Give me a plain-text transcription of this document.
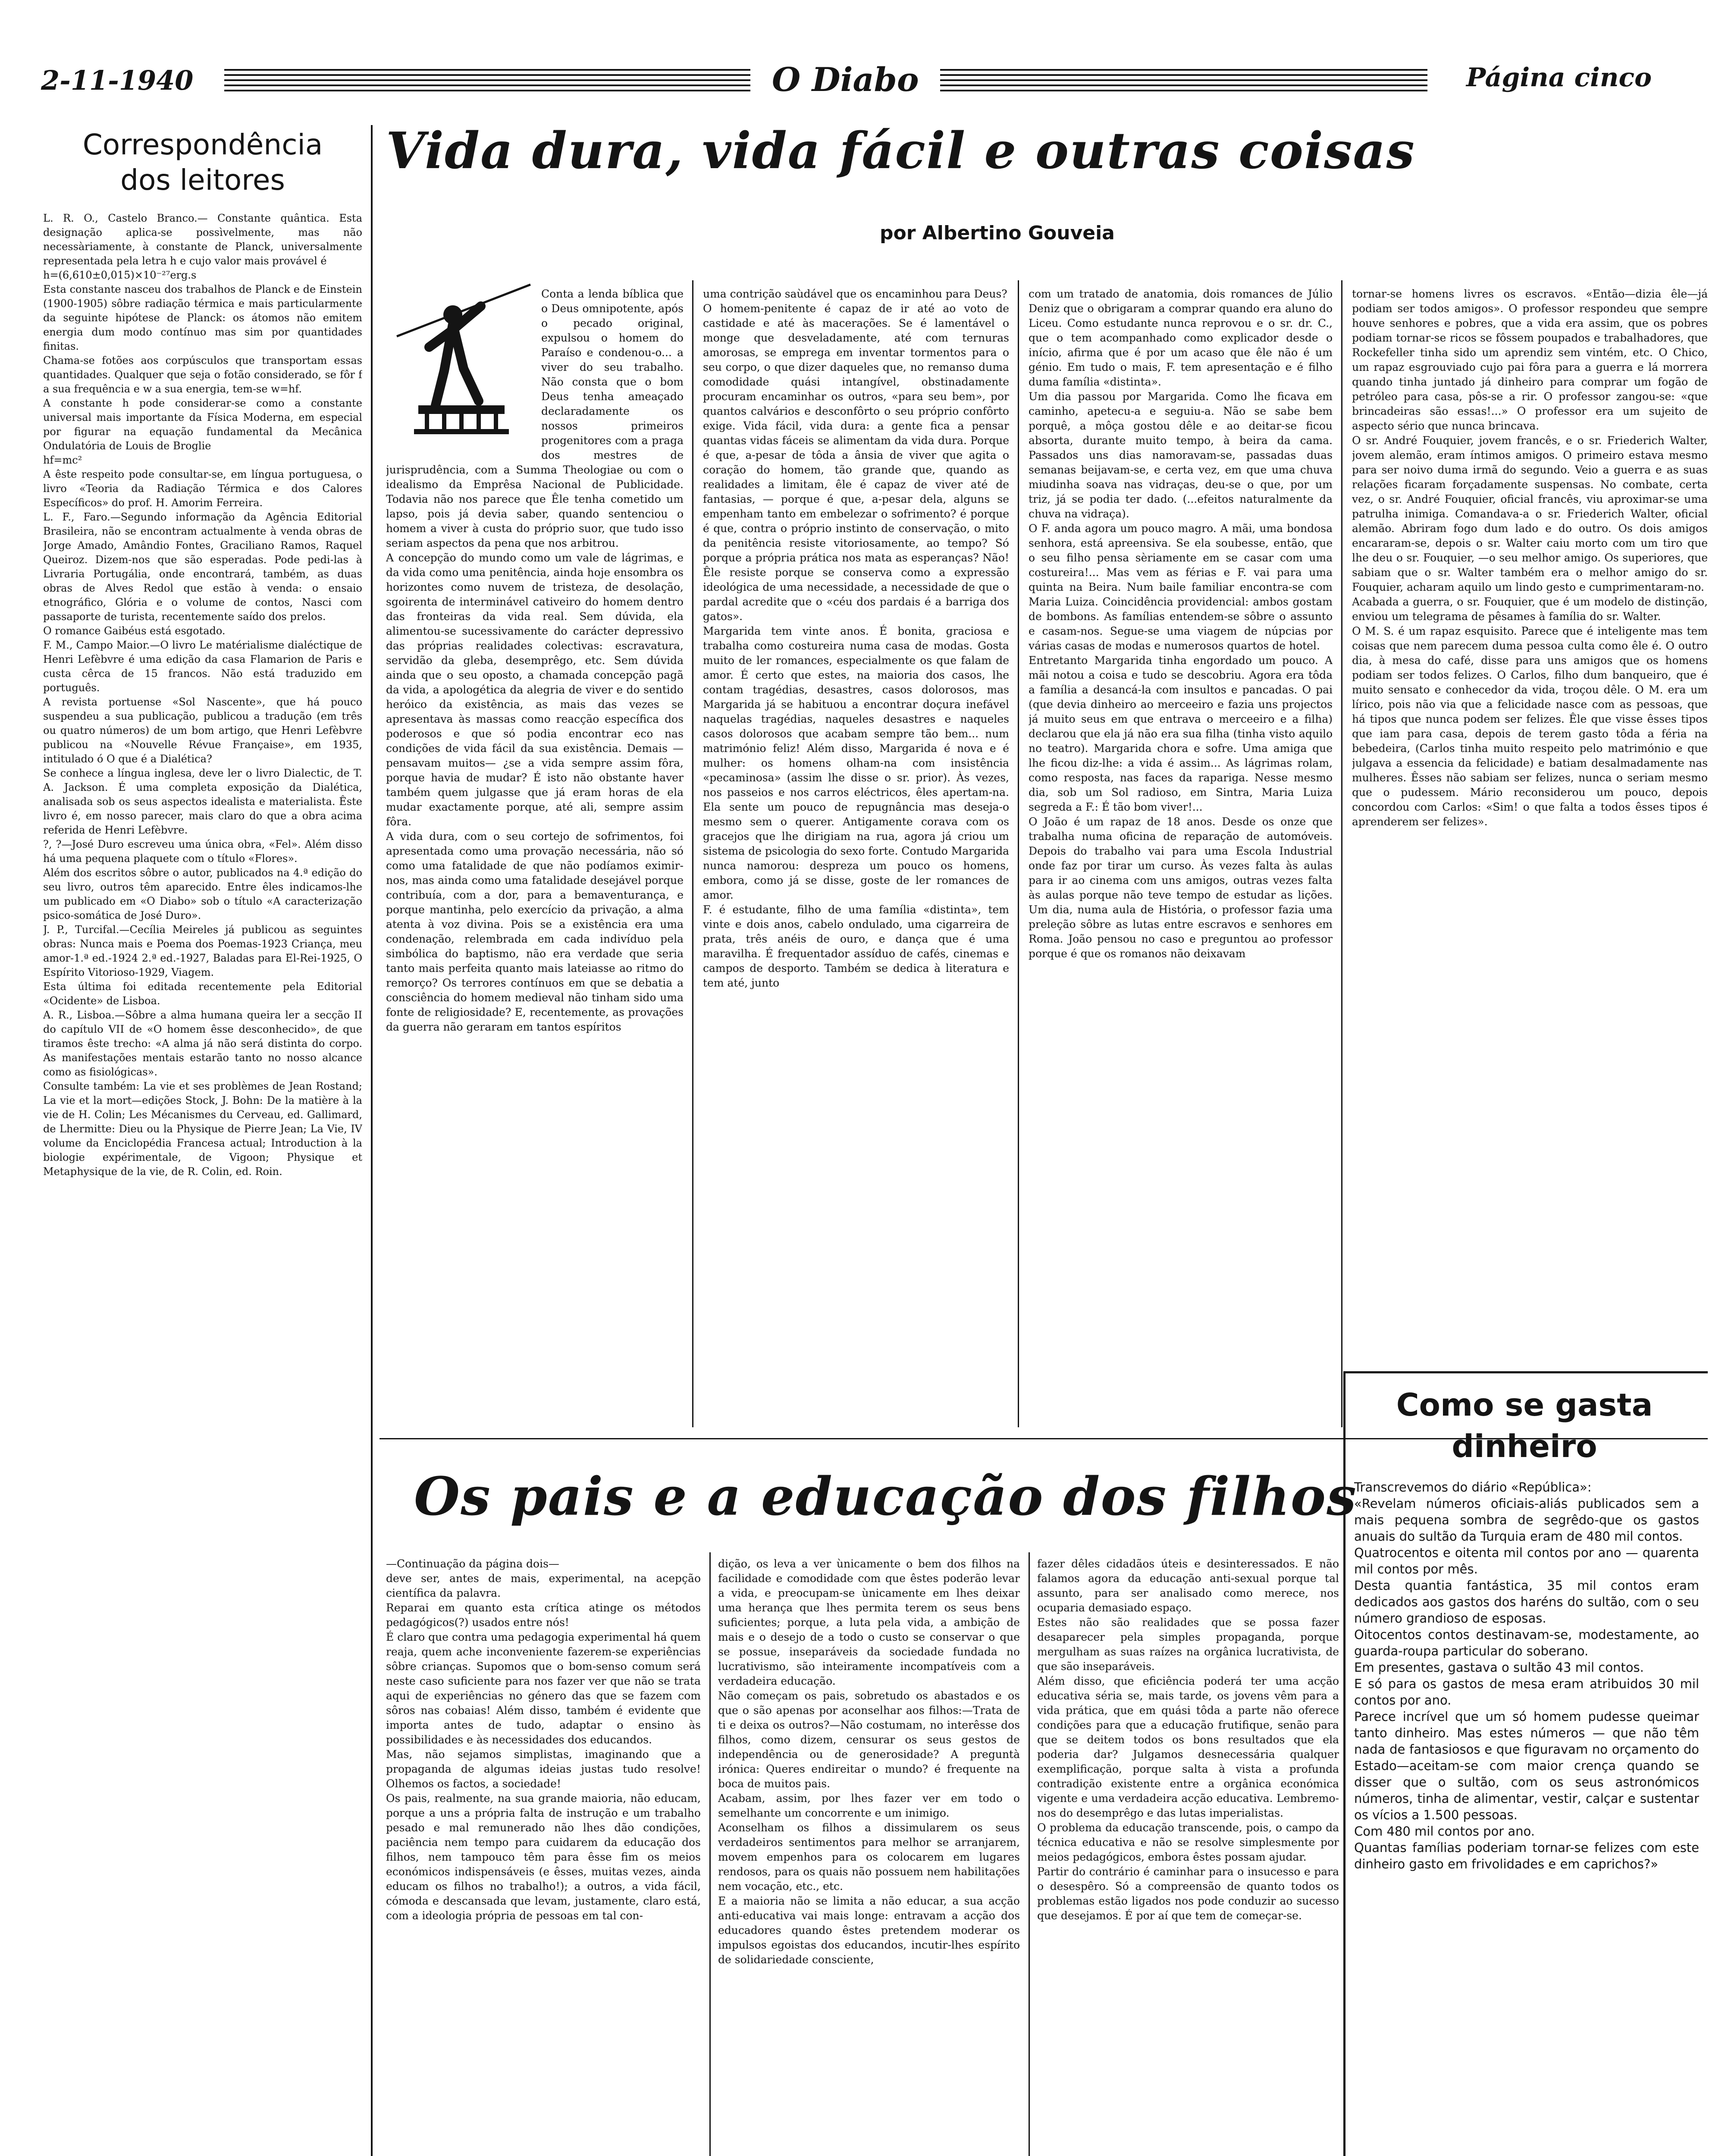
2-11-1940	O Diabo	Página cinco
Correspondência
dos leitores
L. R. O., Castelo Branco.— Constante quântica. Esta designação aplica-se possìvelmente, mas não necessàriamente, à constante de Planck, universalmente representada pela letra h e cujo valor mais provável é
h=(6,610±0,015)×10⁻²⁷erg.s
Esta constante nasceu dos trabalhos de Planck e de Einstein (1900-1905) sôbre radiação térmica e mais particularmente da seguinte hipótese de Planck: os átomos não emitem energia dum modo contínuo mas sim por quantidades finitas.
Chama-se fotões aos corpúsculos que transportam essas quantidades. Qualquer que seja o fotão considerado, se fôr f a sua frequência e w a sua energia, tem-se w=hf.
A constante h pode considerar-se como a constante universal mais importante da Física Moderna, em especial por figurar na equação fundamental da Mecânica Ondulatória de Louis de Broglie
hf=mc²
A êste respeito pode consultar-se, em língua portuguesa, o livro «Teoria da Radiação Térmica e dos Calores Específicos» do prof. H. Amorim Ferreira.
L. F., Faro.—Segundo informação da Agência Editorial Brasileira, não se encontram actualmente à venda obras de Jorge Amado, Amândio Fontes, Graciliano Ramos, Raquel Queiroz. Dizem-nos que são esperadas. Pode pedi-las à Livraria Portugália, onde encontrará, também, as duas obras de Alves Redol que estão à venda: o ensaio etnográfico, Glória e o volume de contos, Nasci com passaporte de turista, recentemente saído dos prelos.
O romance Gaibéus está esgotado.
F. M., Campo Maior.—O livro Le matérialisme dialéctique de Henri Lefèbvre é uma edição da casa Flamarion de Paris e custa cêrca de 15 francos. Não está traduzido em português.
A revista portuense «Sol Nascente», que há pouco suspendeu a sua publicação, publicou a tradução (em três ou quatro números) de um bom artigo, que Henri Lefèbvre publicou na «Nouvelle Révue Française», em 1935, intitulado ó O que é a Dialética?
Se conhece a língua inglesa, deve ler o livro Dialectic, de T. A. Jackson. É uma completa exposição da Dialética, analisada sob os seus aspectos idealista e materialista. Êste livro é, em nosso parecer, mais claro do que a obra acima referida de Henri Lefèbvre.
?, ?—José Duro escreveu uma única obra, «Fel». Além disso há uma pequena plaquete com o título «Flores».
Além dos escritos sôbre o autor, publicados na 4.ª edição do seu livro, outros têm aparecido. Entre êles indicamos-lhe um publicado em «O Diabo» sob o título «A caracterização psico-somática de José Duro».
J. P., Turcifal.—Cecília Meireles já publicou as seguintes obras: Nunca mais e Poema dos Poemas-1923 Criança, meu amor-1.ª ed.-1924 2.ª ed.-1927, Baladas para El-Rei-1925, O Espírito Vitorioso-1929, Viagem.
Esta última foi editada recentemente pela Editorial «Ocidente» de Lisboa.
A. R., Lisboa.—Sôbre a alma humana queira ler a secção II do capítulo VII de «O homem êsse desconhecido», de que tiramos êste trecho: «A alma já não será distinta do corpo. As manifestações mentais estarão tanto no nosso alcance como as fisiológicas».
Consulte também: La vie et ses problèmes de Jean Rostand; La vie et la mort—edições Stock, J. Bohn: De la matière à la vie de H. Colin; Les Mécanismes du Cerveau, ed. Gallimard, de Lhermitte: Dieu ou la Physique de Pierre Jean; La Vie, IV volume da Enciclopédia Francesa actual; Introduction à la biologie expérimentale, de Vigoon; Physique et Metaphysique de la vie, de R. Colin, ed. Roin.
Vida dura, vida fácil e outras coisas
por Albertino Gouveia
Conta a lenda bíblica que o Deus omnipotente, após o pecado original, expulsou o homem do Paraíso e condenou-o... a viver do seu trabalho. Não consta que o bom Deus tenha ameaçado declaradamente os nossos primeiros progenitores com a praga dos mestres de jurisprudência, com a Summa Theologiae ou com o idealismo da Emprêsa Nacional de Publicidade. Todavia não nos parece que Êle tenha cometido um lapso, pois já devia saber, quando sentenciou o homem a viver à custa do próprio suor, que tudo isso seriam aspectos da pena que nos arbitrou.
A concepção do mundo como um vale de lágrimas, e da vida como uma penitência, ainda hoje ensombra os horizontes como nuvem de tristeza, de desolação, sgoirenta de interminável cativeiro do homem dentro das fronteiras da vida real. Sem dúvida, ela alimentou-se sucessivamente do carácter depressivo das próprias realidades colectivas: escravatura, servidão da gleba, desemprêgo, etc. Sem dúvida ainda que o seu oposto, a chamada concepção pagã da vida, a apologética da alegria de viver e do sentido heróico da existência, as mais das vezes se apresentava às massas como reacção específica dos poderosos e que só podia encontrar eco nas condições de vida fácil da sua existência. Demais — pensavam muitos— ¿se a vida sempre assim fôra, porque havia de mudar? É isto não obstante haver também quem julgasse que já eram horas de ela mudar exactamente porque, até ali, sempre assim fôra.
A vida dura, com o seu cortejo de sofrimentos, foi apresentada como uma provação necessária, não só como uma fatalidade de que não podíamos eximir-nos, mas ainda como uma fatalidade desejável porque contribuía, com a dor, para a bemaventurança, e porque mantinha, pelo exercício da privação, a alma atenta à voz divina. Pois se a existência era uma condenação, relembrada em cada indivíduo pela simbólica do baptismo, não era verdade que seria tanto mais perfeita quanto mais lateiasse ao ritmo do remorço? Os terrores contínuos em que se debatia a consciência do homem medieval não tinham sido uma fonte de religiosidade? E, recentemente, as provações da guerra não geraram em tantos espíritos
uma contrição saùdável que os encaminhou para Deus?
O homem-penitente é capaz de ir até ao voto de castidade e até às macerações. Se é lamentável o monge que desveladamente, até com ternuras amorosas, se emprega em inventar tormentos para o seu corpo, o que dizer daqueles que, no remanso duma comodidade quási intangível, obstinadamente procuram encaminhar os outros, «para seu bem», por quantos calvários e desconfôrto o seu próprio confôrto exige. Vida fácil, vida dura: a gente fica a pensar quantas vidas fáceis se alimentam da vida dura. Porque é que, a-pesar de tôda a ânsia de viver que agita o coração do homem, tão grande que, quando as realidades a limitam, êle é capaz de viver até de fantasias, — porque é que, a-pesar dela, alguns se empenham tanto em embelezar o sofrimento? é porque é que, contra o próprio instinto de conservação, o mito da penitência resiste vitoriosamente, ao tempo? Só porque a própria prática nos mata as esperanças? Não! Êle resiste porque se conserva como a expressão ideológica de uma necessidade, a necessidade de que o pardal acredite que o «céu dos pardais é a barriga dos gatos».
Margarida tem vinte anos. É bonita, graciosa e trabalha como costureira numa casa de modas. Gosta muito de ler romances, especialmente os que falam de amor. É certo que estes, na maioria dos casos, lhe contam tragédias, desastres, casos dolorosos, mas Margarida já se habituou a encontrar doçura inefável naquelas tragédias, naqueles desastres e naqueles casos dolorosos que acabam sempre tão bem... num matrimónio feliz! Além disso, Margarida é nova e é mulher: os homens olham-na com insistência «pecaminosa» (assim lhe disse o sr. prior). Às vezes, nos passeios e nos carros eléctricos, êles apertam-na. Ela sente um pouco de repugnância mas deseja-o mesmo sem o querer. Antigamente corava com os gracejos que lhe dirigiam na rua, agora já criou um sistema de psicologia do sexo forte. Contudo Margarida nunca namorou: despreza um pouco os homens, embora, como já se disse, goste de ler romances de amor.
F. é estudante, filho de uma família «distinta», tem vinte e dois anos, cabelo ondulado, uma cigarreira de prata, três anéis de ouro, e dança que é uma maravilha. É frequentador assíduo de cafés, cinemas e campos de desporto. Também se dedica à literatura e tem até, junto
com um tratado de anatomia, dois romances de Júlio Deniz que o obrigaram a comprar quando era aluno do Liceu. Como estudante nunca reprovou e o sr. dr. C., que o tem acompanhado como explicador desde o início, afirma que é por um acaso que êle não é um génio. Em tudo o mais, F. tem apresentação e é filho duma família «distinta».
Um dia passou por Margarida. Como lhe ficava em caminho, apetecu-a e seguiu-a. Não se sabe bem porquê, a môça gostou dêle e ao deitar-se ficou absorta, durante muito tempo, à beira da cama. Passados uns dias namoravam-se, passadas duas semanas beijavam-se, e certa vez, em que uma chuva miudinha soava nas vidraças, deu-se o que, por um triz, já se podia ter dado. (...efeitos naturalmente da chuva na vidraça).
O F. anda agora um pouco magro. A mãi, uma bondosa senhora, está apreensiva. Se ela soubesse, então, que o seu filho pensa sèriamente em se casar com uma costureira!... Mas vem as férias e F. vai para uma quinta na Beira. Num baile familiar encontra-se com Maria Luiza. Coincidência providencial: ambos gostam de bombons. As famílias entendem-se sôbre o assunto e casam-nos. Segue-se uma viagem de núpcias por várias casas de modas e numerosos quartos de hotel.
Entretanto Margarida tinha engordado um pouco. A mãi notou a coisa e tudo se descobriu. Agora era tôda a família a desancá-la com insultos e pancadas. O pai (que devia dinheiro ao merceeiro e fazia uns projectos já muito seus em que entrava o merceeiro e a filha) declarou que ela já não era sua filha (tinha visto aquilo no teatro). Margarida chora e sofre. Uma amiga que lhe ficou diz-lhe: a vida é assim... As lágrimas rolam, como resposta, nas faces da rapariga. Nesse mesmo dia, sob um Sol radioso, em Sintra, Maria Luiza segreda a F.: É tão bom viver!...
O João é um rapaz de 18 anos. Desde os onze que trabalha numa oficina de reparação de automóveis. Depois do trabalho vai para uma Escola Industrial onde faz por tirar um curso. Às vezes falta às aulas para ir ao cinema com uns amigos, outras vezes falta às aulas porque não teve tempo de estudar as lições. Um dia, numa aula de História, o professor fazia uma preleção sôbre as lutas entre escravos e senhores em Roma. João pensou no caso e preguntou ao professor porque é que os romanos não deixavam
tornar-se homens livres os escravos. «Então—dizia êle—já podiam ser todos amigos». O professor respondeu que sempre houve senhores e pobres, que a vida era assim, que os pobres podiam tornar-se ricos se fôssem poupados e trabalhadores, que Rockefeller tinha sido um aprendiz sem vintém, etc. O Chico, um rapaz esgrouviado cujo pai fôra para a guerra e lá morrera quando tinha juntado já dinheiro para comprar um fogão de petróleo para casa, pôs-se a rir. O professor zangou-se: «que brincadeiras são essas!...» O professor era um sujeito de aspecto sério que nunca brincava.
O sr. André Fouquier, jovem francês, e o sr. Friederich Walter, jovem alemão, eram íntimos amigos. O primeiro estava mesmo para ser noivo duma irmã do segundo. Veio a guerra e as suas relações ficaram forçadamente suspensas. No combate, certa vez, o sr. André Fouquier, oficial francês, viu aproximar-se uma patrulha inimiga. Comandava-a o sr. Friederich Walter, oficial alemão. Abriram fogo dum lado e do outro. Os dois amigos encararam-se, depois o sr. Walter caiu morto com um tiro que lhe deu o sr. Fouquier, —o seu melhor amigo. Os superiores, que sabiam que o sr. Walter também era o melhor amigo do sr. Fouquier, acharam aquilo um lindo gesto e cumprimentaram-no.
Acabada a guerra, o sr. Fouquier, que é um modelo de distinção, enviou um telegrama de pêsames à família do sr. Walter.
O M. S. é um rapaz esquisito. Parece que é inteligente mas tem coisas que nem parecem duma pessoa culta como êle é. O outro dia, à mesa do café, disse para uns amigos que os homens podiam ser todos felizes. O Carlos, filho dum banqueiro, que é muito sensato e conhecedor da vida, troçou dêle. O M. era um lírico, pois não via que a felicidade nasce com as pessoas, que há tipos que nunca podem ser felizes. Êle que visse êsses tipos que iam para casa, depois de terem gasto tôda a féria na bebedeira, (Carlos tinha muito respeito pelo matrimónio e que julgava a essencia da felicidade) e batiam desalmadamente nas mulheres. Êsses não sabiam ser felizes, nunca o seriam mesmo que o pudessem. Mário reconsiderou um pouco, depois concordou com Carlos: «Sim! o que falta a todos êsses tipos é aprenderem ser felizes».
Os pais e a educação dos filhos
—Continuação da página dois—
deve ser, antes de mais, experimental, na acepção científica da palavra.
Reparai em quanto esta crítica atinge os métodos pedagógicos(?) usados entre nós!
É claro que contra uma pedagogia experimental há quem reaja, quem ache inconveniente fazerem-se experiências sôbre crianças. Supomos que o bom-senso comum será neste caso suficiente para nos fazer ver que não se trata aqui de experiências no género das que se fazem com sôros nas cobaias! Além disso, também é evidente que importa antes de tudo, adaptar o ensino às possibilidades e às necessidades dos educandos.
Mas, não sejamos simplistas, imaginando que a propaganda de algumas ideias justas tudo resolve! Olhemos os factos, a sociedade!
Os pais, realmente, na sua grande maioria, não educam, porque a uns a própria falta de instrução e um trabalho pesado e mal remunerado não lhes dão condições, paciência nem tempo para cuidarem da educação dos filhos, nem tampouco têm para êsse fim os meios económicos indispensáveis (e êsses, muitas vezes, ainda educam os filhos no trabalho!); a outros, a vida fácil, cómoda e descansada que levam, justamente, claro está, com a ideologia própria de pessoas em tal con-
dição, os leva a ver ùnicamente o bem dos filhos na facilidade e comodidade com que êstes poderão levar a vida, e preocupam-se ùnicamente em lhes deixar uma herança que lhes permita terem os seus bens suficientes; porque, a luta pela vida, a ambição de mais e o desejo de a todo o custo se conservar o que se possue, inseparáveis da sociedade fundada no lucrativismo, são inteiramente incompatíveis com a verdadeira educação.
Não começam os pais, sobretudo os abastados e os que o são apenas por aconselhar aos filhos:—Trata de ti e deixa os outros?—Não costumam, no interêsse dos filhos, como dizem, censurar os seus gestos de independência ou de generosidade? A preguntà irónica: Queres endireitar o mundo? é frequente na boca de muitos pais.
Acabam, assim, por lhes fazer ver em todo o semelhante um concorrente e um inimigo.
Aconselham os filhos a dissimularem os seus verdadeiros sentimentos para melhor se arranjarem, movem empenhos para os colocarem em lugares rendosos, para os quais não possuem nem habilitações nem vocação, etc., etc.
E a maioria não se limita a não educar, a sua acção anti-educativa vai mais longe: entravam a acção dos educadores quando êstes pretendem moderar os impulsos egoistas dos educandos, incutir-lhes espírito de solidariedade consciente,
fazer dêles cidadãos úteis e desinteressados. E não falamos agora da educação anti-sexual porque tal assunto, para ser analisado como merece, nos ocuparia demasiado espaço.
Estes não são realidades que se possa fazer desaparecer pela simples propaganda, porque mergulham as suas raízes na orgânica lucrativista, de que são inseparáveis.
Além disso, que eficiência poderá ter uma acção educativa séria se, mais tarde, os jovens vêm para a vida prática, que em quási tôda a parte não oferece condições para que a educação frutifique, senão para que se deitem todos os bons resultados que ela poderia dar? Julgamos desnecessária qualquer exemplificação, porque salta à vista a profunda contradição existente entre a orgânica económica vigente e uma verdadeira acção educativa. Lembremo-nos do desemprêgo e das lutas imperialistas.
O problema da educação transcende, pois, o campo da técnica educativa e não se resolve simplesmente por meios pedagógicos, embora êstes possam ajudar.
Partir do contrário é caminhar para o insucesso e para o desespêro. Só a compreensão de quanto todos os problemas estão ligados nos pode conduzir ao sucesso que desejamos. É por aí que tem de começar-se.
Como se gasta
dinheiro
Transcrevemos do diário «República»:
«Revelam números oficiais-aliás publicados sem a mais pequena sombra de segrêdo-que os gastos anuais do sultão da Turquia eram de 480 mil contos.
Quatrocentos e oitenta mil contos por ano — quarenta mil contos por mês.
Desta quantia fantástica, 35 mil contos eram dedicados aos gastos dos haréns do sultão, com o seu número grandioso de esposas.
Oitocentos contos destinavam-se, modestamente, ao guarda-roupa particular do soberano.
Em presentes, gastava o sultão 43 mil contos.
E só para os gastos de mesa eram atribuidos 30 mil contos por ano.
Parece incrível que um só homem pudesse queimar tanto dinheiro. Mas estes números — que não têm nada de fantasiosos e que figuravam no orçamento do Estado—aceitam-se com maior crença quando se disser que o sultão, com os seus astronómicos números, tinha de alimentar, vestir, calçar e sustentar os vícios a 1.500 pessoas.
Com 480 mil contos por ano.
Quantas famílias poderiam tornar-se felizes com este dinheiro gasto em frivolidades e em caprichos?»
